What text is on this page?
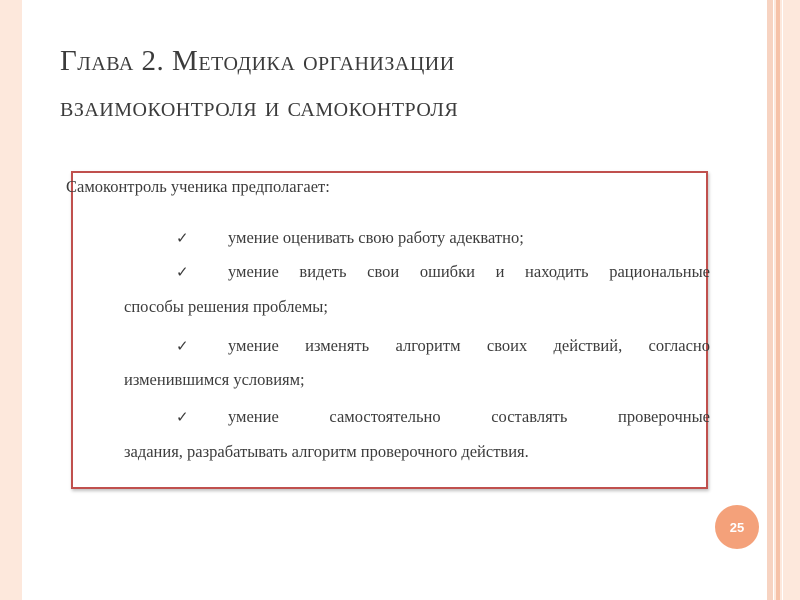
Глава 2. Методика организации
взаимоконтроля и самоконтроля
Самоконтроль ученика предполагает:
✓ умение оценивать свою работу адекватно;
✓ умение видеть свои ошибки и находить рациональные
способы решения проблемы;
✓ умение изменять алгоритм своих действий, согласно
изменившимся условиям;
✓ умение самостоятельно составлять проверочные
задания, разрабатывать алгоритм проверочного действия.
25
